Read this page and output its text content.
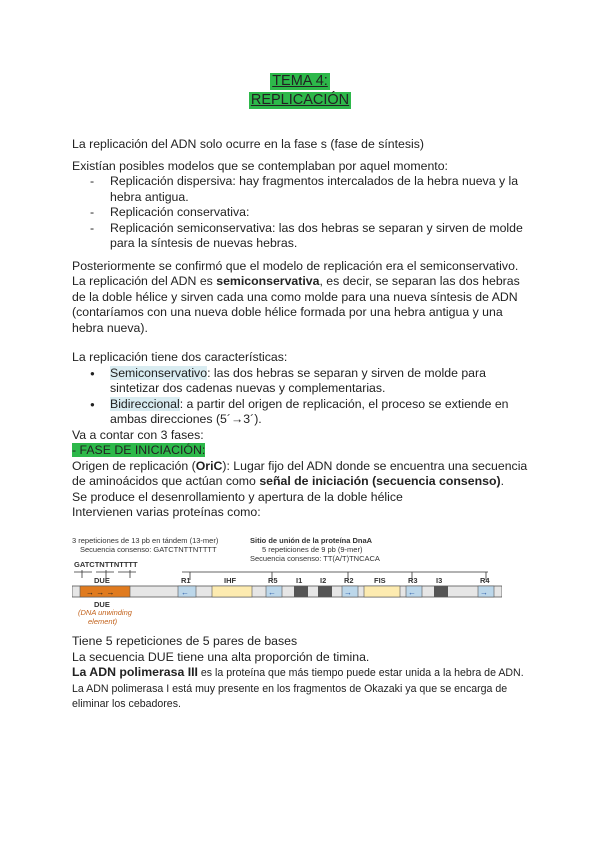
TEMA 4:
REPLICACIÓN

La replicación del ADN solo ocurre en la fase s (fase de síntesis)

Existían posibles modelos que se contemplaban por aquel momento:

- Replicación dispersiva: hay fragmentos intercalados de la hebra nueva y la hebra antigua.
- Replicación conservativa:
- Replicación semiconservativa: las dos hebras se separan y sirven de molde para la síntesis de nuevas hebras.

Posteriormente se confirmó que el modelo de replicación era el semiconservativo.

La replicación del ADN es semiconservativa, es decir, se separan las dos hebras de la doble hélice y sirven cada una como molde para una nueva síntesis de ADN (contaríamos con una nueva doble hélice formada por una hebra antigua y una hebra nueva).

La replicación tiene dos características:

● Semiconservativo: las dos hebras se separan y sirven de molde para sintetizar dos cadenas nuevas y complementarias.
● Bidireccional: a partir del origen de replicación, el proceso se extiende en ambas direcciones (5´→3´).

Va a contar con 3 fases:

- FASE DE INICIACIÓN:

Origen de replicación (OriC): Lugar fijo del ADN donde se encuentra una secuencia de aminoácidos que actúan como señal de iniciación (secuencia consenso).

Se produce el desenrollamiento y apertura de la doble hélice

Intervienen varias proteínas como:

3 repeticiones de 13 pb en tándem (13-mer)
Secuencia consenso: GATCTNTTNTTTT
Sitio de unión de la proteína DnaA
5 repeticiones de 9 pb (9-mer)
Secuencia consenso: TT(A/T)TNCACA
GATCTNTTNTTTT
→ → →	←	←	→	←	→
DUE	R1	IHF	R5 I1 I2 R2	FIS	R3 I3	R4
DUE
(DNA unwinding
element)

Tiene 5 repeticiones de 5 pares de bases

La secuencia DUE tiene una alta proporción de timina.

La ADN polimerasa III es la proteína que más tiempo puede estar unida a la hebra de ADN.

La ADN polimerasa I está muy presente en los fragmentos de Okazaki ya que se encarga de eliminar los cebadores.
